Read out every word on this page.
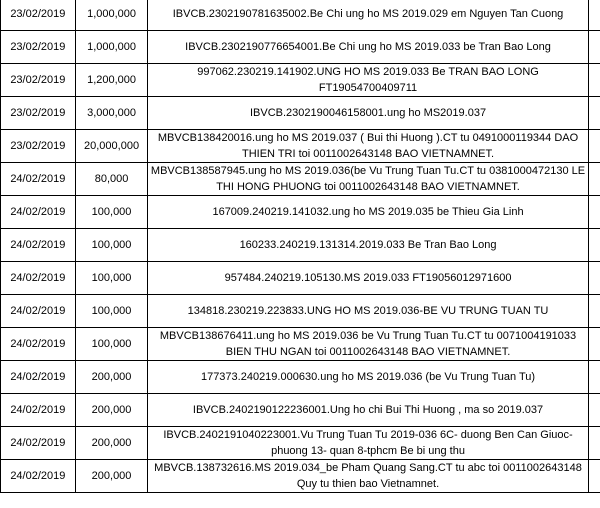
23/02/2019	1,000,000	IBVCB.2302190781635002.Be Chi ung ho MS 2019.029 em Nguyen Tan Cuong	
23/02/2019	1,000,000	IBVCB.2302190776654001.Be Chi ung ho MS 2019.033 be Tran Bao Long	
23/02/2019	1,200,000	997062.230219.141902.UNG HO MS 2019.033 Be TRAN BAO LONG FT19054700409711	
23/02/2019	3,000,000	IBVCB.2302190046158001.ung ho MS2019.037	
23/02/2019	20,000,000	MBVCB138420016.ung ho MS 2019.037 ( Bui thi Huong ).CT tu 0491000119344 DAO THIEN TRI toi 0011002643148 BAO VIETNAMNET.	
24/02/2019	80,000	MBVCB138587945.ung ho MS 2019.036(be Vu Trung Tuan Tu.CT tu 0381000472130 LE THI HONG PHUONG toi 0011002643148 BAO VIETNAMNET.	
24/02/2019	100,000	167009.240219.141032.ung ho MS 2019.035 be Thieu Gia Linh	
24/02/2019	100,000	160233.240219.131314.2019.033 Be Tran Bao Long	
24/02/2019	100,000	957484.240219.105130.MS 2019.033 FT19056012971600	
24/02/2019	100,000	134818.230219.223833.UNG HO MS 2019.036-BE VU TRUNG TUAN TU	
24/02/2019	100,000	MBVCB138676411.ung ho MS 2019.036 be Vu Trung Tuan Tu.CT tu 0071004191033 BIEN THU NGAN toi 0011002643148 BAO VIETNAMNET.	
24/02/2019	200,000	177373.240219.000630.ung ho MS 2019.036 (be Vu Trung Tuan Tu)	
24/02/2019	200,000	IBVCB.2402190122236001.Ung ho chi Bui Thi Huong , ma so 2019.037	
24/02/2019	200,000	IBVCB.2402191040223001.Vu Trung Tuan Tu 2019-036 6C- duong Ben Can Giuoc-phuong 13- quan 8-tphcm Be bi ung thu	
24/02/2019	200,000	MBVCB.138732616.MS 2019.034_be Pham Quang Sang.CT tu abc toi 0011002643148 Quy tu thien bao Vietnamnet.	
